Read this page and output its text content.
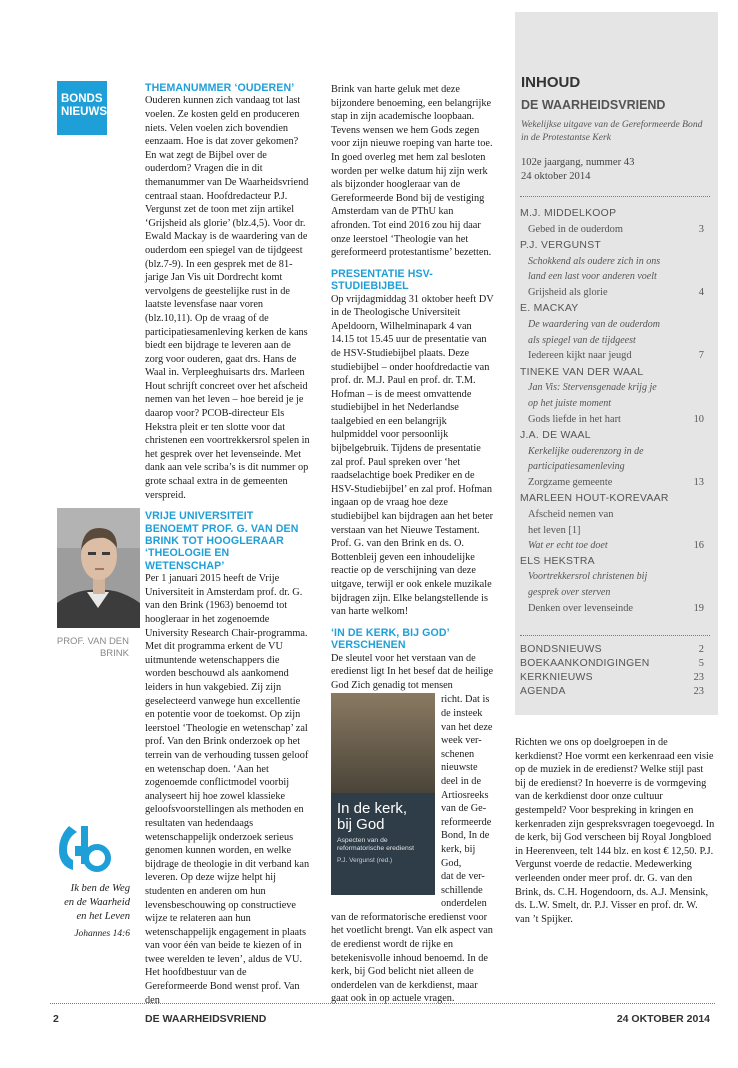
BONDS
NIEUWS
PROF. VAN DEN BRINK
Ik ben de Weg
en de Waarheid
en het Leven
Johannes 14:6
THEMANUMMER ‘OUDEREN’
Ouderen kunnen zich vandaag tot last voelen. Ze kosten geld en produceren niets. Velen voelen zich bovendien eenzaam. Hoe is dat zover gekomen? En wat zegt de Bijbel over de ouderdom? Vragen die in dit themanummer van De Waarheidsvriend centraal staan. Hoofdredacteur P.J. Vergunst zet de toon met zijn artikel ‘Grijsheid als glorie’ (blz.4,5). Voor dr. Ewald Mackay is de waardering van de ouderdom een spiegel van de tijdgeest (blz.7-9). In een gesprek met de 81-jarige Jan Vis uit Dordrecht komt vervolgens de geestelijke rust in de laatste levensfase naar voren (blz.10,11). Op de vraag of de participatiesamenleving kerken de kans biedt een bijdrage te leveren aan de zorg voor ouderen, gaat drs. Hans de Waal in. Verpleeghuisarts drs. Marleen Hout schrijft concreet over het afscheid nemen van het leven – hoe bereid je je daarop voor? PCOB-directeur Els Hekstra pleit er ten slotte voor dat christenen een voortrekkersrol spelen in het gesprek over het levenseinde. Met dank aan vele scriba’s is dit nummer op grote schaal extra in de gemeenten verspreid.
VRIJE UNIVERSITEIT BENOEMT PROF. G. VAN DEN BRINK TOT HOOGLERAAR ‘THEOLOGIE EN WETENSCHAP’
Per 1 januari 2015 heeft de Vrije Universiteit in Amsterdam prof. dr. G. van den Brink (1963) benoemd tot hoogleraar in het zogenoemde University Research Chair-programma. Met dit programma erkent de VU uitmuntende wetenschappers die worden beschouwd als aankomend leiders in hun vakgebied. Zij zijn geselecteerd vanwege hun excellentie en potentie voor de toekomst. Op zijn leerstoel ‘Theologie en wetenschap’ zal prof. Van den Brink onderzoek op het terrein van de verhouding tussen geloof en wetenschap doen. ‘Aan het zogenoemde conflictmodel voorbij analyseert hij hoe zowel klassieke geloofsvoorstellingen als methoden en resultaten van hedendaags wetenschappelijk onderzoek serieus genomen kunnen worden, en welke bijdrage de theologie in dit verband kan leveren. Op deze wijze helpt hij studenten en anderen om hun levensbeschouwing op constructieve wijze te relateren aan hun wetenschappelijk engagement in plaats van voor één van beide te kiezen of in twee werelden te leven’, aldus de VU. Het hoofdbestuur van de Gereformeerde Bond wenst prof. Van den
Brink van harte geluk met deze bijzondere benoeming, een belangrijke stap in zijn academische loopbaan. Tevens wensen we hem Gods zegen voor zijn nieuwe roeping van harte toe. In goed overleg met hem zal besloten worden per welke datum hij zijn werk als bijzonder hoogleraar van de Gereformeerde Bond bij de vestiging Amsterdam van de PThU kan afronden. Tot eind 2016 zou hij daar onze leerstoel ‘Theologie van het gereformeerd protestantisme’ bezetten.
PRESENTATIE HSV-STUDIEBIJBEL
Op vrijdagmiddag 31 oktober heeft DV in de Theologische Universiteit Apeldoorn, Wilhelminapark 4 van 14.15 tot 15.45 uur de presentatie van de HSV-Studiebijbel plaats. Deze studiebijbel – onder hoofdredactie van prof. dr. M.J. Paul en prof. dr. T.M. Hofman – is de meest omvattende studiebijbel in het Nederlandse taalgebied en een belangrijk hulpmiddel voor persoonlijk bijbelgebruik. Tijdens de presentatie zal prof. Paul spreken over ‘het raadselachtige boek Prediker en de HSV-Studiebijbel’ en zal prof. Hofman ingaan op de vraag hoe deze studiebijbel kan bijdragen aan het beter verstaan van het Nieuwe Testament. Prof. G. van den Brink en ds. O. Bottenbleij geven een inhoudelijke reactie op de verschijning van deze uitgave, terwijl er ook enkele muzikale bijdragen zijn. Elke belangstellende is van harte welkom!
‘IN DE KERK, BIJ GOD’ VERSCHENEN
De sleutel voor het verstaan van de eredienst ligt In het besef dat de heilige God Zich genadig tot mensen
In de kerk,
bij God
Aspecten van de reformatorische eredienst
P.J. Vergunst (red.)
richt. Dat is
de insteek
van het deze
week ver-
schenen
nieuwste
deel in de
Artiosreeks
van de Ge-
reformeerde
Bond, In de
kerk, bij God,
dat de ver-
schillende
onderdelen
van de reformatorische eredienst voor het voetlicht brengt. Van elk aspect van de eredienst wordt de rijke en betekenisvolle inhoud benoemd. In de kerk, bij God belicht niet alleen de onderdelen van de kerkdienst, maar gaat ook in op actuele vragen.
INHOUD
DE WAARHEIDSVRIEND
Wekelijkse uitgave van de Gereformeerde Bond in de Protestantse Kerk
102e jaargang, nummer 43
24 oktober 2014
M.J. MIDDELKOOP
Gebed in de ouderdom	3
P.J. VERGUNST
Schokkend als oudere zich in ons
land een last voor anderen voelt
Grijsheid als glorie	4
E. MACKAY
De waardering van de ouderdom
als spiegel van de tijdgeest
Iedereen kijkt naar jeugd	7
TINEKE VAN DER WAAL
Jan Vis: Stervensgenade krijg je
op het juiste moment
Gods liefde in het hart	10
J.A. DE WAAL
Kerkelijke ouderenzorg in de
participatiesamenleving
Zorgzame gemeente	13
MARLEEN HOUT-KOREVAAR
Afscheid nemen van
het leven [1]
Wat er echt toe doet	16
ELS HEKSTRA
Voortrekkersrol christenen bij
gesprek over sterven
Denken over levenseinde	19
BONDSNIEUWS	2
BOEKAANKONDIGINGEN	5
KERKNIEUWS	23
AGENDA	23
Richten we ons op doelgroepen in de kerkdienst? Hoe vormt een kerkenraad een visie op de muziek in de eredienst? Welke stijl past bij de eredienst? In hoeverre is de vormgeving van de kerkdienst door onze cultuur gestempeld? Voor bespreking in kringen en kerkenraden zijn gespreksvragen toegevoegd. In de kerk, bij God verscheen bij Royal Jongbloed in Heerenveen, telt 144 blz. en kost € 12,50. P.J. Vergunst voerde de redactie. Medewerking verleenden onder meer prof. dr. G. van den Brink, ds. C.H. Hogendoorn, ds. A.J. Mensink, ds. L.W. Smelt, dr. P.J. Visser en prof. dr. W. van ’t Spijker.
2	DE WAARHEIDSVRIEND	24 OKTOBER 2014
